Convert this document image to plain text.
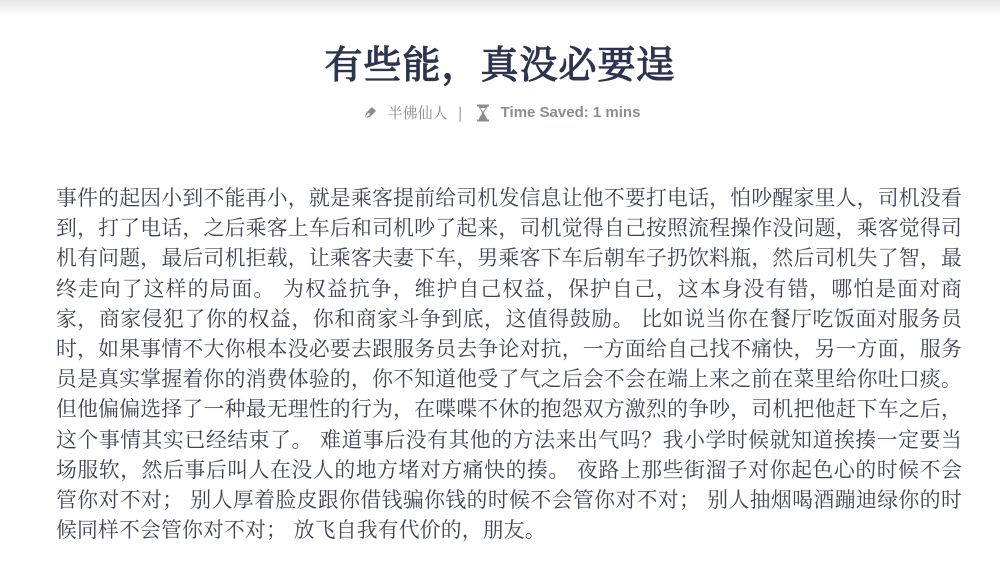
有些能，真没必要逞
半佛仙人 |	Time Saved: 1 mins

事件的起因小到不能再小，就是乘客提前给司机发信息让他不要打电话，怕吵醒家里人，司机没看到，打了电话，之后乘客上车后和司机吵了起来，司机觉得自己按照流程操作没问题，乘客觉得司机有问题，最后司机拒载，让乘客夫妻下车，男乘客下车后朝车子扔饮料瓶，然后司机失了智，最终走向了这样的局面。 为权益抗争，维护自己权益，保护自己，这本身没有错，哪怕是面对商家，商家侵犯了你的权益，你和商家斗争到底，这值得鼓励。 比如说当你在餐厅吃饭面对服务员时，如果事情不大你根本没必要去跟服务员去争论对抗，一方面给自己找不痛快，另一方面，服务员是真实掌握着你的消费体验的，你不知道他受了气之后会不会在端上来之前在菜里给你吐口痰。 但他偏偏选择了一种最无理性的行为，在喋喋不休的抱怨双方激烈的争吵，司机把他赶下车之后，这个事情其实已经结束了。 难道事后没有其他的方法来出气吗？我小学时候就知道挨揍一定要当场服软，然后事后叫人在没人的地方堵对方痛快的揍。 夜路上那些街溜子对你起色心的时候不会管你对不对； 别人厚着脸皮跟你借钱骗你钱的时候不会管你对不对； 别人抽烟喝酒蹦迪绿你的时候同样不会管你对不对； 放飞自我有代价的，朋友。
